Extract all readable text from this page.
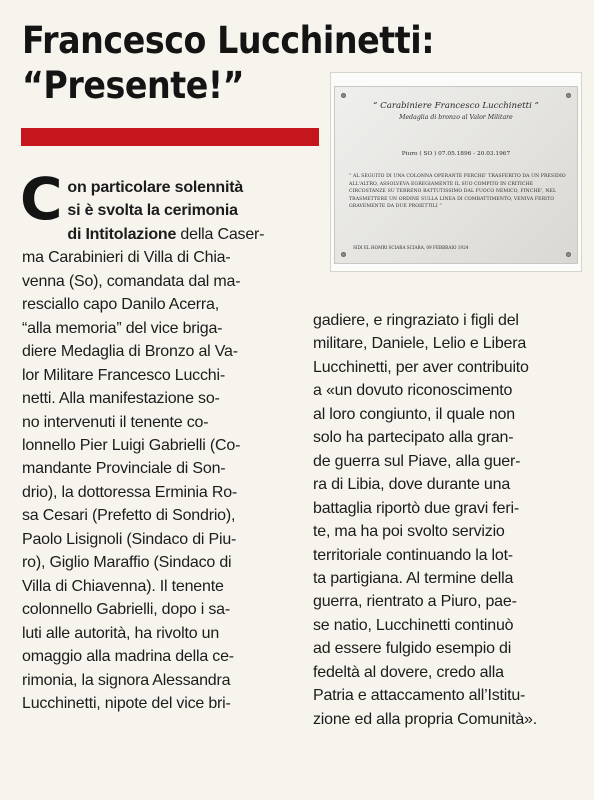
Francesco Lucchinetti:
“Presente!”	“ Carabiniere Francesco Lucchinetti ”
Medaglia di bronzo al Valor Militare
Piuro ( SO ) 07.05.1896 - 20.03.1967
“ AL SEGUITO DI UNA COLONNA OPERANTE PERCHE' TRASFERITO DA UN PRESIDIO ALL'ALTRO, ASSOLVEVA EGREGIAMENTE IL SUO COMPITO IN CRITICHE CIRCOSTANZE SU TERRENO BATTUTISSIMO DAL FUOCO NEMICO, FINCHE', NEL TRASMETTERE UN ORDINE SULLA LINEA DI COMBATTIMENTO, VENIVA FERITO GRAVEMENTE DA DUE PROIETTILI ”
SIDI EL HOMRI SCIARA SCIARA, 09 FEBBRAIO 1924

C on particolare solennità
si è svolta la cerimonia
di Intitolazione della Caser-
ma Carabinieri di Villa di Chia-
venna (So), comandata dal ma-
resciallo capo Danilo Acerra,
“alla memoria” del vice briga-
diere Medaglia di Bronzo al Va-
lor Militare Francesco Lucchi-
netti. Alla manifestazione so-
no intervenuti il tenente co-
lonnello Pier Luigi Gabrielli (Co-
mandante Provinciale di Son-
drio), la dottoressa Erminia Ro-
sa Cesari (Prefetto di Sondrio),
Paolo Lisignoli (Sindaco di Piu-
ro), Giglio Maraffio (Sindaco di
Villa di Chiavenna). Il tenente
colonnello Gabrielli, dopo i sa-
luti alle autorità, ha rivolto un
omaggio alla madrina della ce-
rimonia, la signora Alessandra
Lucchinetti, nipote del vice bri-

gadiere, e ringraziato i figli del
militare, Daniele, Lelio e Libera
Lucchinetti, per aver contribuito
a «un dovuto riconoscimento
al loro congiunto, il quale non
solo ha partecipato alla gran-
de guerra sul Piave, alla guer-
ra di Libia, dove durante una
battaglia riportò due gravi feri-
te, ma ha poi svolto servizio
territoriale continuando la lot-
ta partigiana. Al termine della
guerra, rientrato a Piuro, pae-
se natio, Lucchinetti continuò
ad essere fulgido esempio di
fedeltà al dovere, credo alla
Patria e attaccamento all’Istitu-
zione ed alla propria Comunità».
